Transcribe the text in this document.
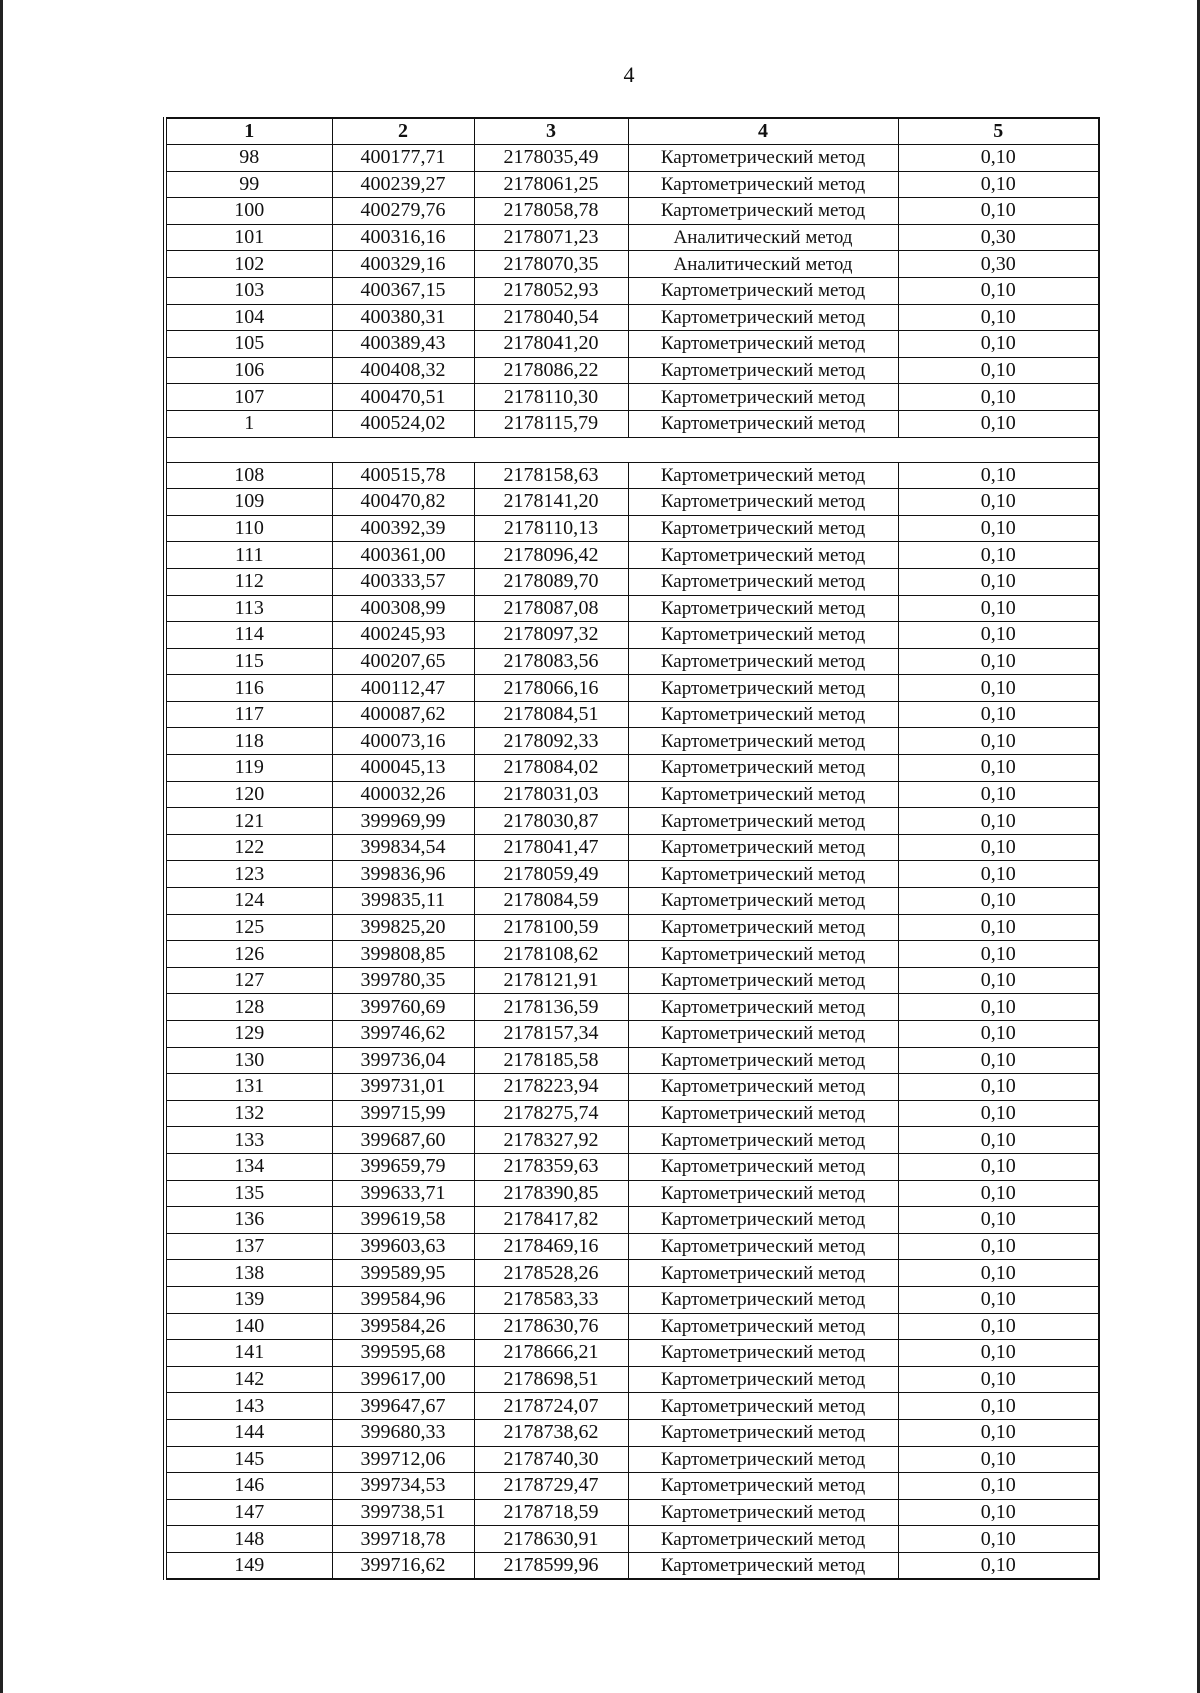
4
1	2	3	4	5
98	400177,71	2178035,49	Картометрический метод	0,10
99	400239,27	2178061,25	Картометрический метод	0,10
100	400279,76	2178058,78	Картометрический метод	0,10
101	400316,16	2178071,23	Аналитический метод	0,30
102	400329,16	2178070,35	Аналитический метод	0,30
103	400367,15	2178052,93	Картометрический метод	0,10
104	400380,31	2178040,54	Картометрический метод	0,10
105	400389,43	2178041,20	Картометрический метод	0,10
106	400408,32	2178086,22	Картометрический метод	0,10
107	400470,51	2178110,30	Картометрический метод	0,10
1	400524,02	2178115,79	Картометрический метод	0,10

108	400515,78	2178158,63	Картометрический метод	0,10
109	400470,82	2178141,20	Картометрический метод	0,10
110	400392,39	2178110,13	Картометрический метод	0,10
111	400361,00	2178096,42	Картометрический метод	0,10
112	400333,57	2178089,70	Картометрический метод	0,10
113	400308,99	2178087,08	Картометрический метод	0,10
114	400245,93	2178097,32	Картометрический метод	0,10
115	400207,65	2178083,56	Картометрический метод	0,10
116	400112,47	2178066,16	Картометрический метод	0,10
117	400087,62	2178084,51	Картометрический метод	0,10
118	400073,16	2178092,33	Картометрический метод	0,10
119	400045,13	2178084,02	Картометрический метод	0,10
120	400032,26	2178031,03	Картометрический метод	0,10
121	399969,99	2178030,87	Картометрический метод	0,10
122	399834,54	2178041,47	Картометрический метод	0,10
123	399836,96	2178059,49	Картометрический метод	0,10
124	399835,11	2178084,59	Картометрический метод	0,10
125	399825,20	2178100,59	Картометрический метод	0,10
126	399808,85	2178108,62	Картометрический метод	0,10
127	399780,35	2178121,91	Картометрический метод	0,10
128	399760,69	2178136,59	Картометрический метод	0,10
129	399746,62	2178157,34	Картометрический метод	0,10
130	399736,04	2178185,58	Картометрический метод	0,10
131	399731,01	2178223,94	Картометрический метод	0,10
132	399715,99	2178275,74	Картометрический метод	0,10
133	399687,60	2178327,92	Картометрический метод	0,10
134	399659,79	2178359,63	Картометрический метод	0,10
135	399633,71	2178390,85	Картометрический метод	0,10
136	399619,58	2178417,82	Картометрический метод	0,10
137	399603,63	2178469,16	Картометрический метод	0,10
138	399589,95	2178528,26	Картометрический метод	0,10
139	399584,96	2178583,33	Картометрический метод	0,10
140	399584,26	2178630,76	Картометрический метод	0,10
141	399595,68	2178666,21	Картометрический метод	0,10
142	399617,00	2178698,51	Картометрический метод	0,10
143	399647,67	2178724,07	Картометрический метод	0,10
144	399680,33	2178738,62	Картометрический метод	0,10
145	399712,06	2178740,30	Картометрический метод	0,10
146	399734,53	2178729,47	Картометрический метод	0,10
147	399738,51	2178718,59	Картометрический метод	0,10
148	399718,78	2178630,91	Картометрический метод	0,10
149	399716,62	2178599,96	Картометрический метод	0,10
